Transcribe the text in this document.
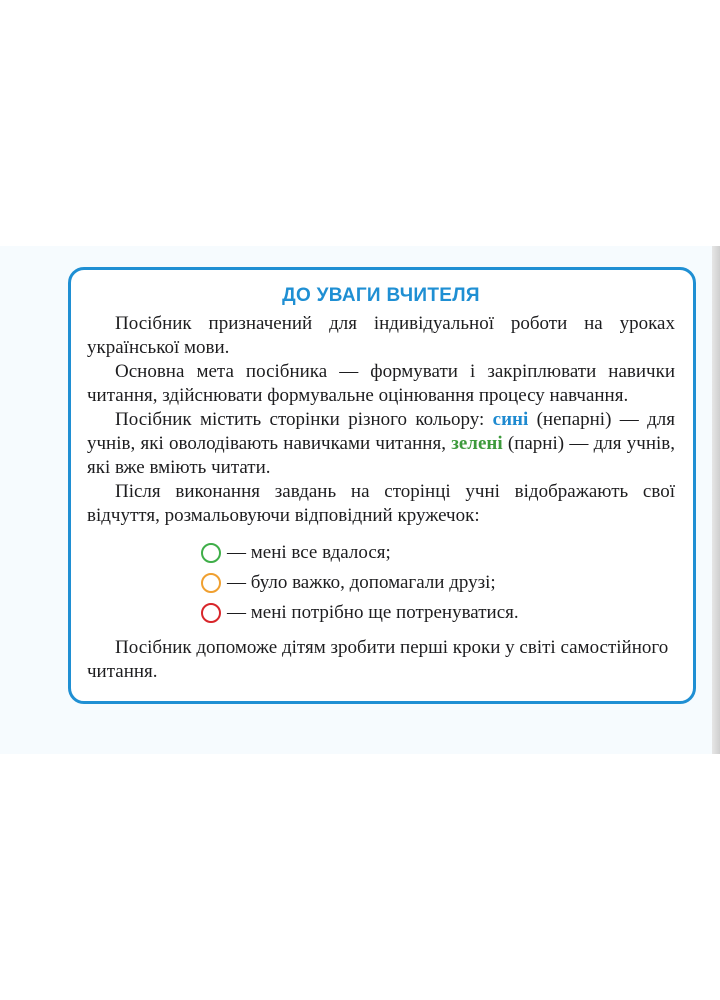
ДО УВАГИ ВЧИТЕЛЯ

Посібник призначений для індивідуальної роботи на уроках української мови.

Основна мета посібника — формувати і закріплювати навички читання, здійснювати формувальне оцінювання процесу навчання.

Посібник містить сторінки різного кольору: сині (непарні) — для учнів, які оволодівають навичками читання, зелені (парні) — для учнів, які вже вміють читати.

Після виконання завдань на сторінці учні відображають свої відчуття, розмальовуючи відповідний кружечок:

— мені все вдалося;
— було важко, допомагали друзі;
— мені потрібно ще потренуватися.

Посібник допоможе дітям зробити перші кроки у світі самостійного читання.
